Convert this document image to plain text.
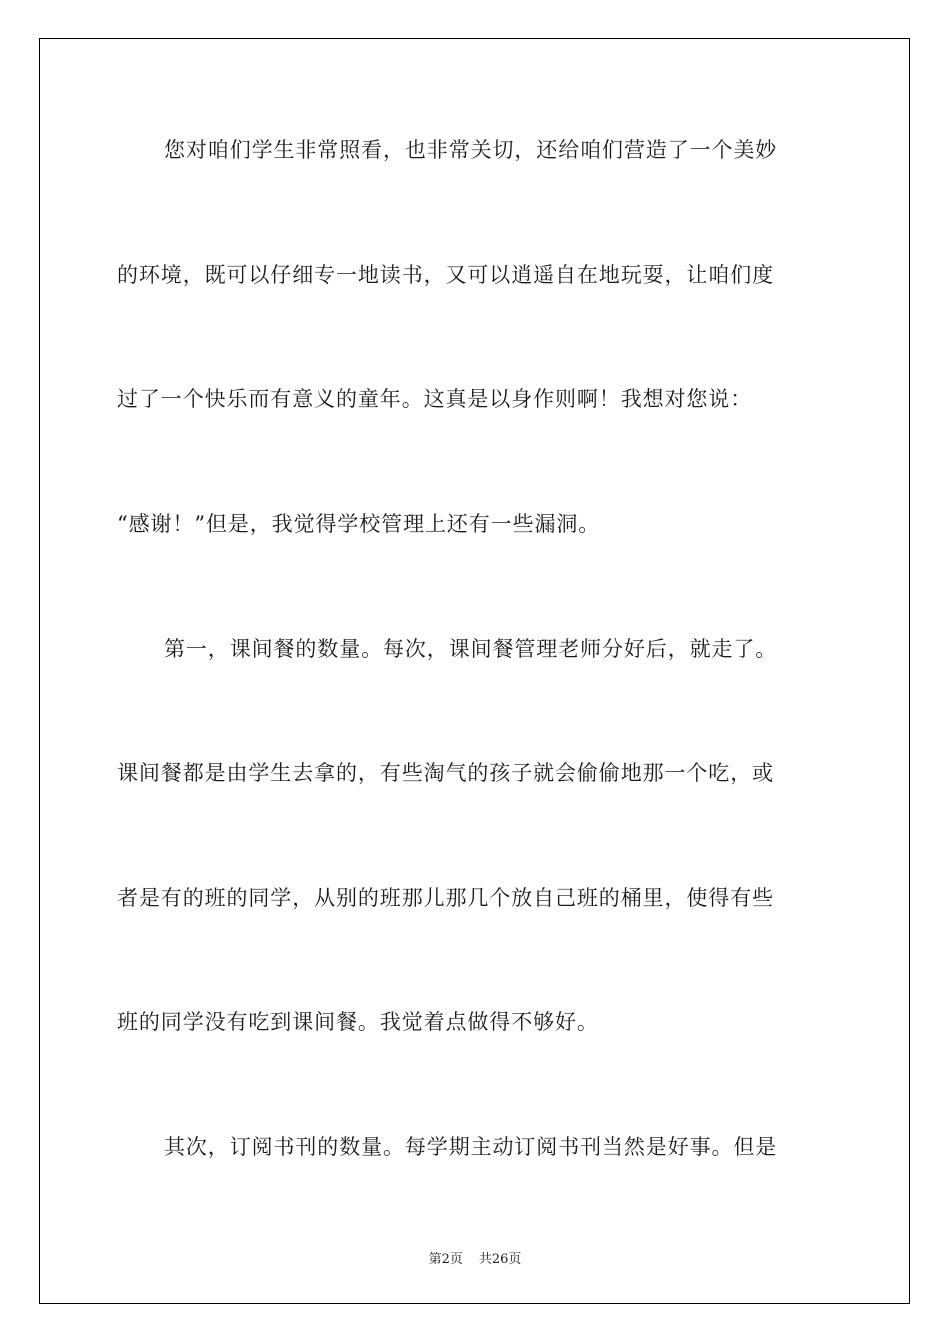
您对咱们学生非常照看，也非常关切，还给咱们营造了一个美妙
的环境，既可以仔细专一地读书，又可以逍遥自在地玩耍，让咱们度
过了一个快乐而有意义的童年。这真是以身作则啊！我想对您说：
“感谢！”但是，我觉得学校管理上还有一些漏洞。
第一，课间餐的数量。每次，课间餐管理老师分好后，就走了。
课间餐都是由学生去拿的，有些淘气的孩子就会偷偷地那一个吃，或
者是有的班的同学，从别的班那儿那几个放自己班的桶里，使得有些
班的同学没有吃到课间餐。我觉着点做得不够好。
其次，订阅书刊的数量。每学期主动订阅书刊当然是好事。但是
第2页 共26页
